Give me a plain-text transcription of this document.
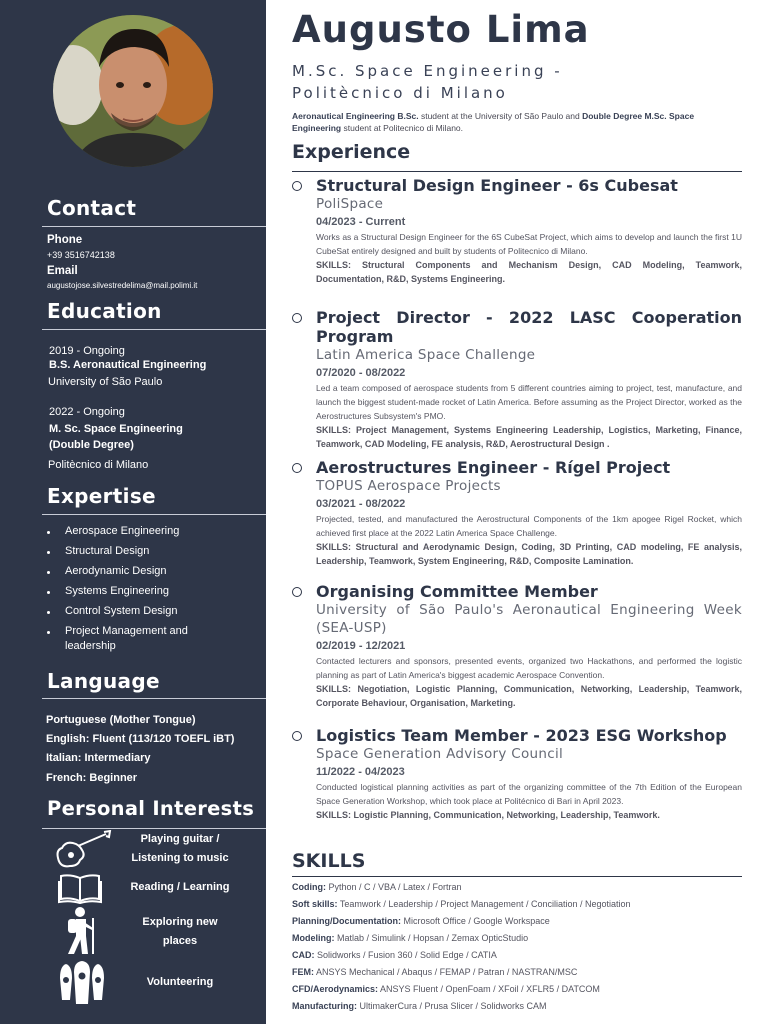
Contact
Phone
+39 3516742138
Email
augustojose.silvestredelima@mail.polimi.it
Education
2019 - Ongoing
B.S. Aeronautical Engineering
University of São Paulo
2022 - Ongoing
M. Sc. Space Engineering (Double Degree)
Politècnico di Milano
Expertise
Aerospace Engineering
Structural Design
Aerodynamic Design
Systems Engineering
Control System Design
Project Management and leadership
Language
Portuguese (Mother Tongue)
English: Fluent (113/120 TOEFL iBT)
Italian: Intermediary
French: Beginner
Personal Interests
Playing guitar /
Listening to music
Reading / Learning
Exploring new
places
Volunteering
Augusto Lima
M.Sc. Space Engineering -
Politècnico di Milano
Aeronautical Engineering B.Sc. student at the University of São Paulo and Double Degree M.Sc. Space Engineering student at Politecnico di Milano.
Experience
Structural Design Engineer - 6s Cubesat
PoliSpace
04/2023 - Current
Works as a Structural Design Engineer for the 6S CubeSat Project, which aims to develop and launch the first 1U CubeSat entirely designed and built by students of Politecnico di Milano.
SKILLS: Structural Components and Mechanism Design, CAD Modeling, Teamwork, Documentation, R&D, Systems Engineering.
Project Director - 2022 LASC Cooperation Program
Latin America Space Challenge
07/2020 - 08/2022
Led a team composed of aerospace students from 5 different countries aiming to project, test, manufacture, and launch the biggest student-made rocket of Latin America. Before assuming as the Project Director, worked as the Aerostructures Subsystem's PMO.
SKILLS: Project Management, Systems Engineering Leadership, Logistics, Marketing, Finance, Teamwork, CAD Modeling, FE analysis, R&D, Aerostructural Design .
Aerostructures Engineer - Rígel Project
TOPUS Aerospace Projects
03/2021 - 08/2022
Projected, tested, and manufactured the Aerostructural Components of the 1km apogee Rigel Rocket, which achieved first place at the 2022 Latin America Space Challenge.
SKILLS: Structural and Aerodynamic Design, Coding, 3D Printing, CAD modeling, FE analysis, Leadership, Teamwork, System Engineering, R&D, Composite Lamination.
Organising Committee Member
University of São Paulo's Aeronautical Engineering Week (SEA-USP)
02/2019 - 12/2021
Contacted lecturers and sponsors, presented events, organized two Hackathons, and performed the logistic planning as part of Latin America's biggest academic Aerospace Convention.
SKILLS: Negotiation, Logistic Planning, Communication, Networking, Leadership, Teamwork, Corporate Behaviour, Organisation, Marketing.
Logistics Team Member - 2023 ESG Workshop
Space Generation Advisory Council
11/2022 - 04/2023
Conducted logistical planning activities as part of the organizing committee of the 7th Edition of the European Space Generation Workshop, which took place at Politécnico di Bari in April 2023.
SKILLS: Logistic Planning, Communication, Networking, Leadership, Teamwork.
SKILLS
Coding: Python / C / VBA / Latex / Fortran
Soft skills: Teamwork / Leadership / Project Management / Conciliation / Negotiation
Planning/Documentation: Microsoft Office / Google Workspace
Modeling: Matlab / Simulink / Hopsan / Zemax OpticStudio
CAD: Solidworks / Fusion 360 / Solid Edge / CATIA
FEM: ANSYS Mechanical / Abaqus / FEMAP / Patran / NASTRAN/MSC
CFD/Aerodynamics: ANSYS Fluent / OpenFoam / XFoil / XFLR5 / DATCOM
Manufacturing: UltimakerCura / Prusa Slicer / Solidworks CAM
